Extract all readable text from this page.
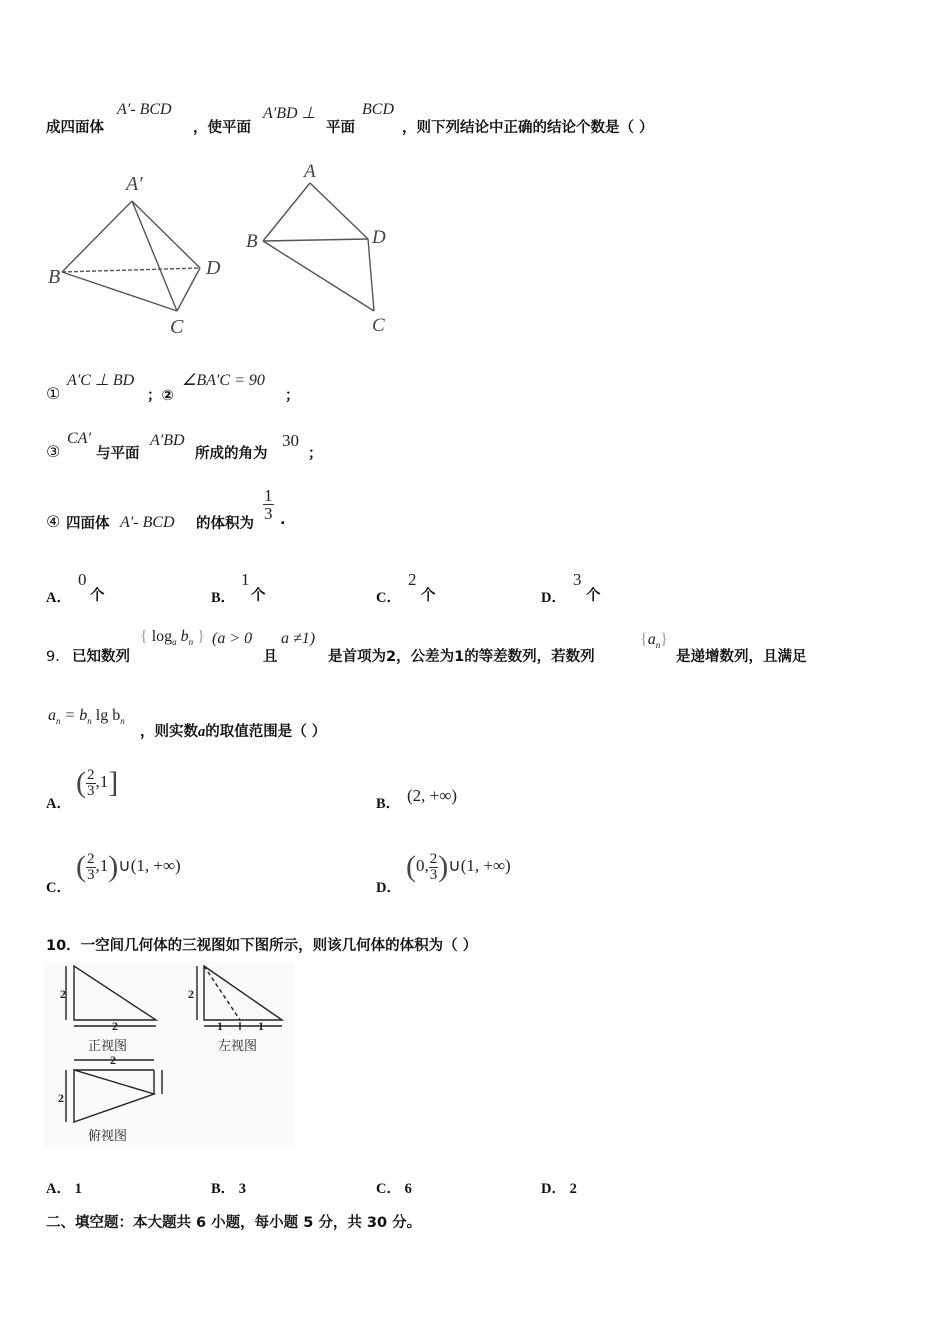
成四面体
A′- BCD
，使平面
A′BD ⊥
平面
BCD
，则下列结论中正确的结论个数是（ ）
A′
B	D
C
A
B	D
C
①
A′C ⊥ BD
；②
∠BA′C = 90
；
③
CA′
与平面
A′BD
所成的角为
30
；
④ 四面体 A′- BCD 的体积为
$\frac{1}{3}$ .
A．
0
个	B．
1
个	C．
2
个	D．
3
个
9． 已知数列
{ $\log_a b_n$ } (a > 0
且
a ≠1)
是首项为2，公差为1的等差数列，若数列
$\{a_n\}$
是递增数列，且满足
$a_n = b_n$ $\lg b_n$
，则实数a的取值范围是（ ）
A．
( $\frac{2}{3} ,1$]
B． (2, +∞)
C．
( $\frac{2}{3}$ ,1)∪(1, +∞)
D．
(0, $\frac{2}{3}$ )∪(1, +∞)
10．一空间几何体的三视图如下图所示，则该几何体的体积为（ ）
2
2
2
1	1
2
2
正视图	左视图
俯视图
A． 1	B． 3	C． 6	D． 2
二、填空题：本大题共 6 小题，每小题 5 分，共 30 分。
